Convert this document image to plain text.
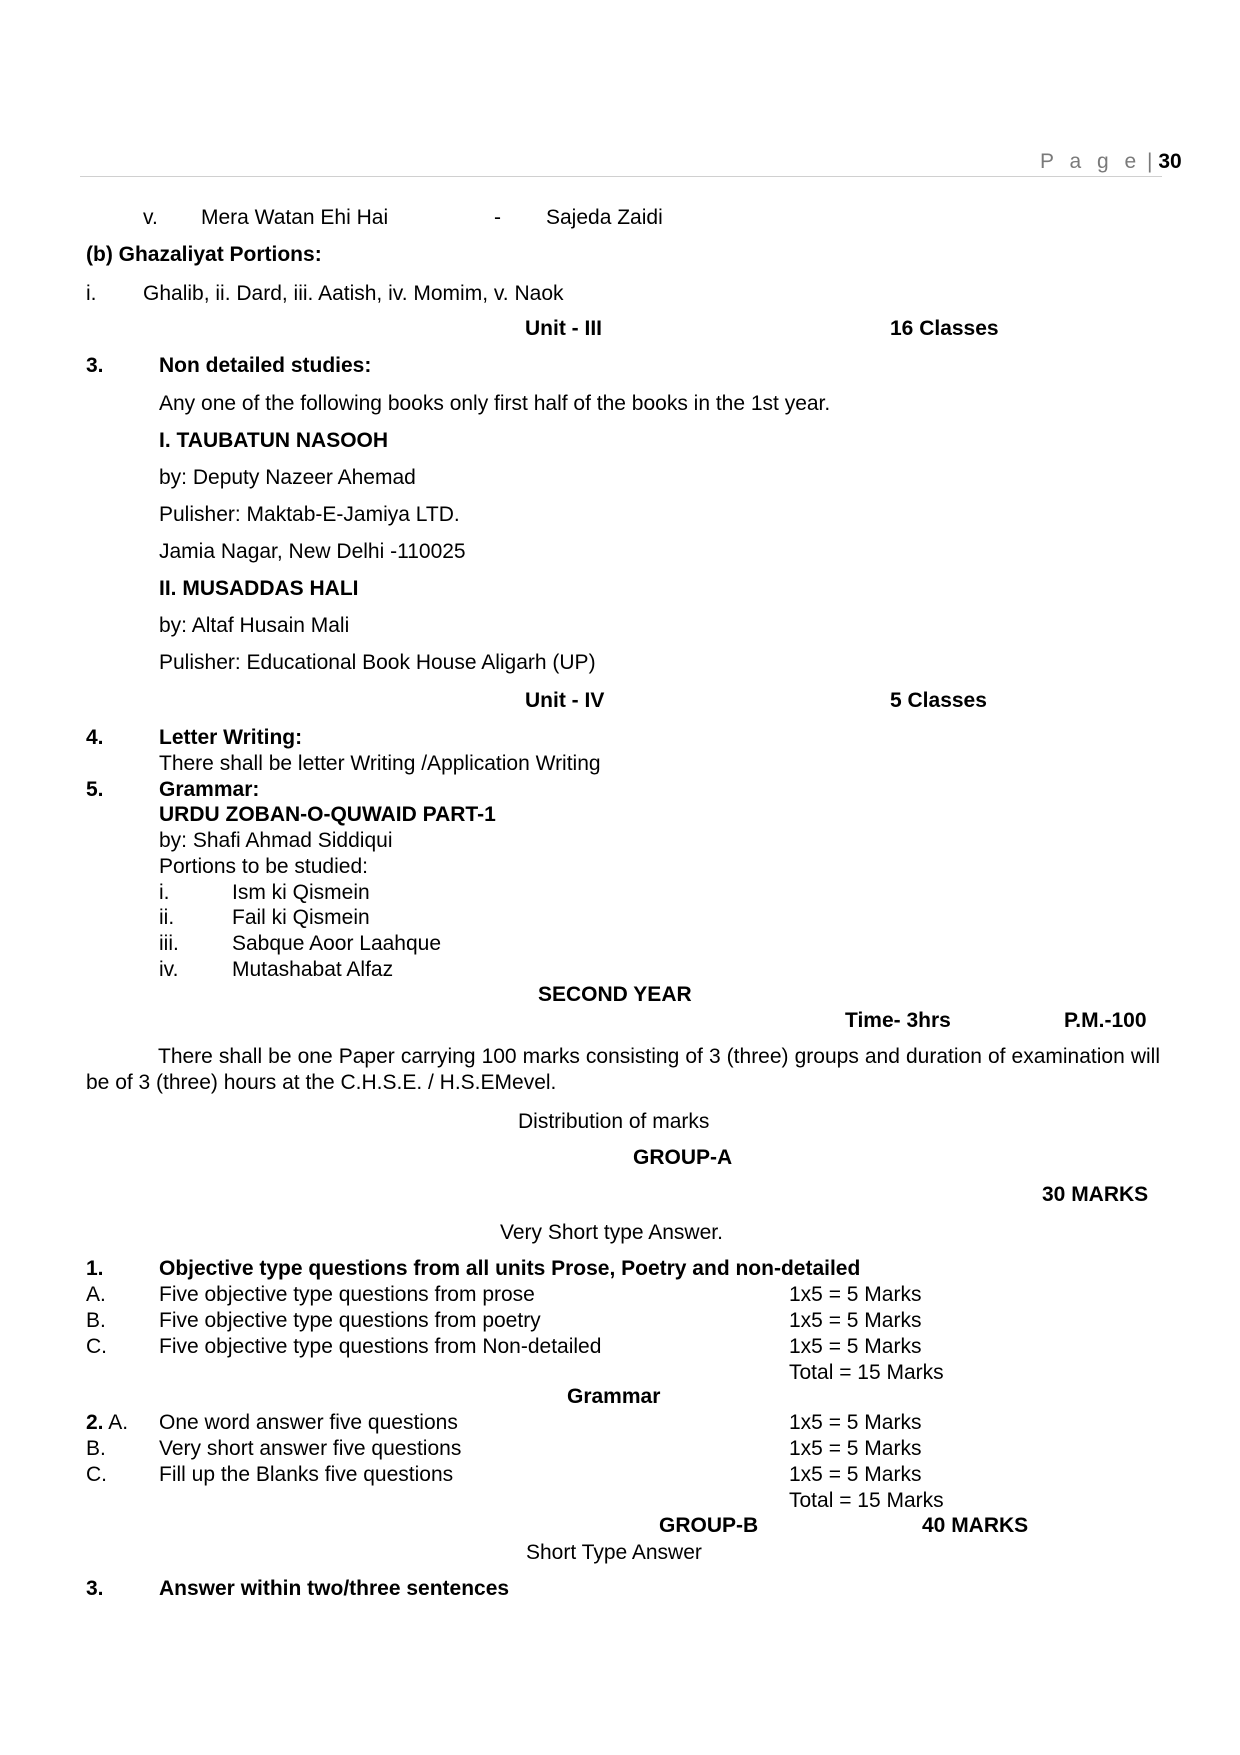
P a g e | 30
v. Mera Watan Ehi Hai	- Sajeda Zaidi
(b) Ghazaliyat Portions:
i. Ghalib, ii. Dard, iii. Aatish, iv. Momim, v. Naok
Unit - III	16 Classes
3.	Non detailed studies:
Any one of the following books only first half of the books in the 1st year.
I. TAUBATUN NASOOH
by: Deputy Nazeer Ahemad
Pulisher: Maktab-E-Jamiya LTD.
Jamia Nagar, New Delhi -110025
II. MUSADDAS HALI
by: Altaf Husain Mali
Pulisher: Educational Book House Aligarh (UP)
Unit - IV	5 Classes
4.	Letter Writing:
There shall be letter Writing /Application Writing
5.	Grammar:
URDU ZOBAN-O-QUWAID PART-1
by: Shafi Ahmad Siddiqui
Portions to be studied:
i.	Ism ki Qismein
ii.	Fail ki Qismein
iii.	Sabque Aoor Laahque
iv.	Mutashabat Alfaz
SECOND YEAR
Time- 3hrs	P.M.-100
There shall be one Paper carrying 100 marks consisting of 3 (three) groups and duration of examination will be of 3 (three) hours at the C.H.S.E. / H.S.EMevel.
Distribution of marks
GROUP-A
30 MARKS
Very Short type Answer.
1.	Objective type questions from all units Prose, Poetry and non-detailed
A.	Five objective type questions from prose	1x5 = 5 Marks
B.	Five objective type questions from poetry	1x5 = 5 Marks
C. Five objective type questions from Non-detailed	1x5 = 5 Marks
Total = 15 Marks
Grammar
2. A. One word answer five questions	1x5 = 5 Marks
B.	Very short answer five questions	1x5 = 5 Marks
C. Fill up the Blanks five questions	1x5 = 5 Marks
Total = 15 Marks
GROUP-B	40 MARKS
Short Type Answer
3.	Answer within two/three sentences
